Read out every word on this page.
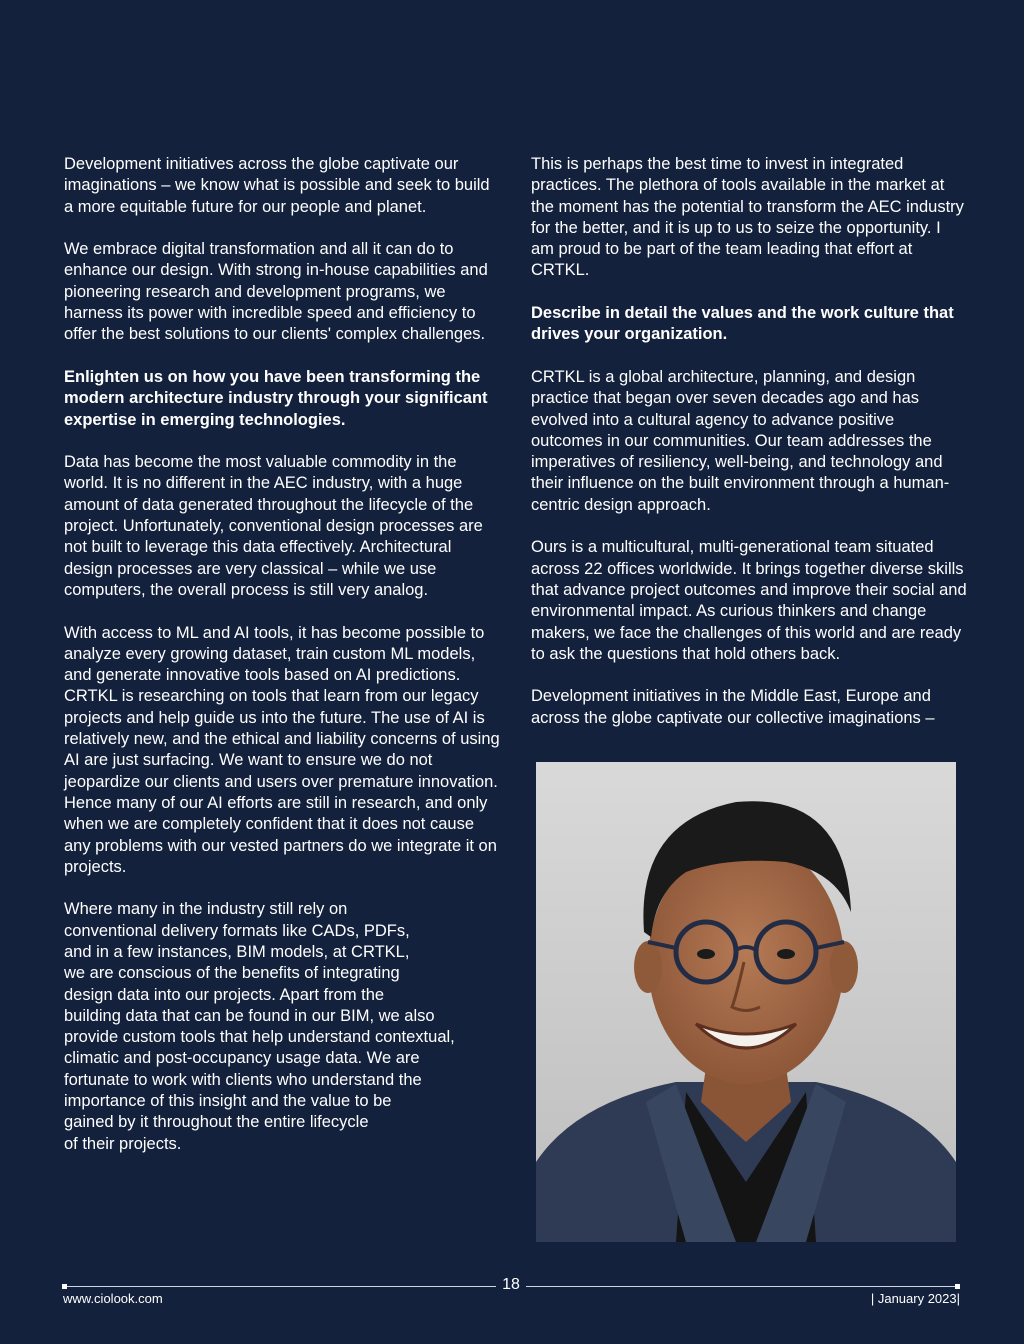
Development initiatives across the globe captivate our imaginations – we know what is possible and seek to build a more equitable future for our people and planet.

We embrace digital transformation and all it can do to enhance our design. With strong in-house capabilities and pioneering research and development programs, we harness its power with incredible speed and efficiency to offer the best solutions to our clients' complex challenges.

Enlighten us on how you have been transforming the modern architecture industry through your significant expertise in emerging technologies.

Data has become the most valuable commodity in the world. It is no different in the AEC industry, with a huge amount of data generated throughout the lifecycle of the project. Unfortunately, conventional design processes are not built to leverage this data effectively. Architectural design processes are very classical – while we use computers, the overall process is still very analog.

With access to ML and AI tools, it has become possible to analyze every growing dataset, train custom ML models, and generate innovative tools based on AI predictions. CRTKL is researching on tools that learn from our legacy projects and help guide us into the future. The use of AI is relatively new, and the ethical and liability concerns of using AI are just surfacing. We want to ensure we do not jeopardize our clients and users over premature innovation. Hence many of our AI efforts are still in research, and only when we are completely confident that it does not cause any problems with our vested partners do we integrate it on projects.

Where many in the industry still rely on
conventional delivery formats like CADs, PDFs,
and in a few instances, BIM models, at CRTKL,
we are conscious of the benefits of integrating
design data into our projects. Apart from the
building data that can be found in our BIM, we also
provide custom tools that help understand contextual,
climatic and post-occupancy usage data. We are
fortunate to work with clients who understand the
importance of this insight and the value to be
gained by it throughout the entire lifecycle
of their projects.

This is perhaps the best time to invest in integrated practices. The plethora of tools available in the market at the moment has the potential to transform the AEC industry for the better, and it is up to us to seize the opportunity. I am proud to be part of the team leading that effort at CRTKL.

Describe in detail the values and the work culture that drives your organization.

CRTKL is a global architecture, planning, and design practice that began over seven decades ago and has evolved into a cultural agency to advance positive outcomes in our communities. Our team addresses the imperatives of resiliency, well-being, and technology and their influence on the built environment through a human-centric design approach.

Ours is a multicultural, multi-generational team situated across 22 offices worldwide. It brings together diverse skills that advance project outcomes and improve their social and environmental impact. As curious thinkers and change makers, we face the challenges of this world and are ready to ask the questions that hold others back.

Development initiatives in the Middle East, Europe and across the globe captivate our collective imaginations –

18
www.ciolook.com	| January 2023|
